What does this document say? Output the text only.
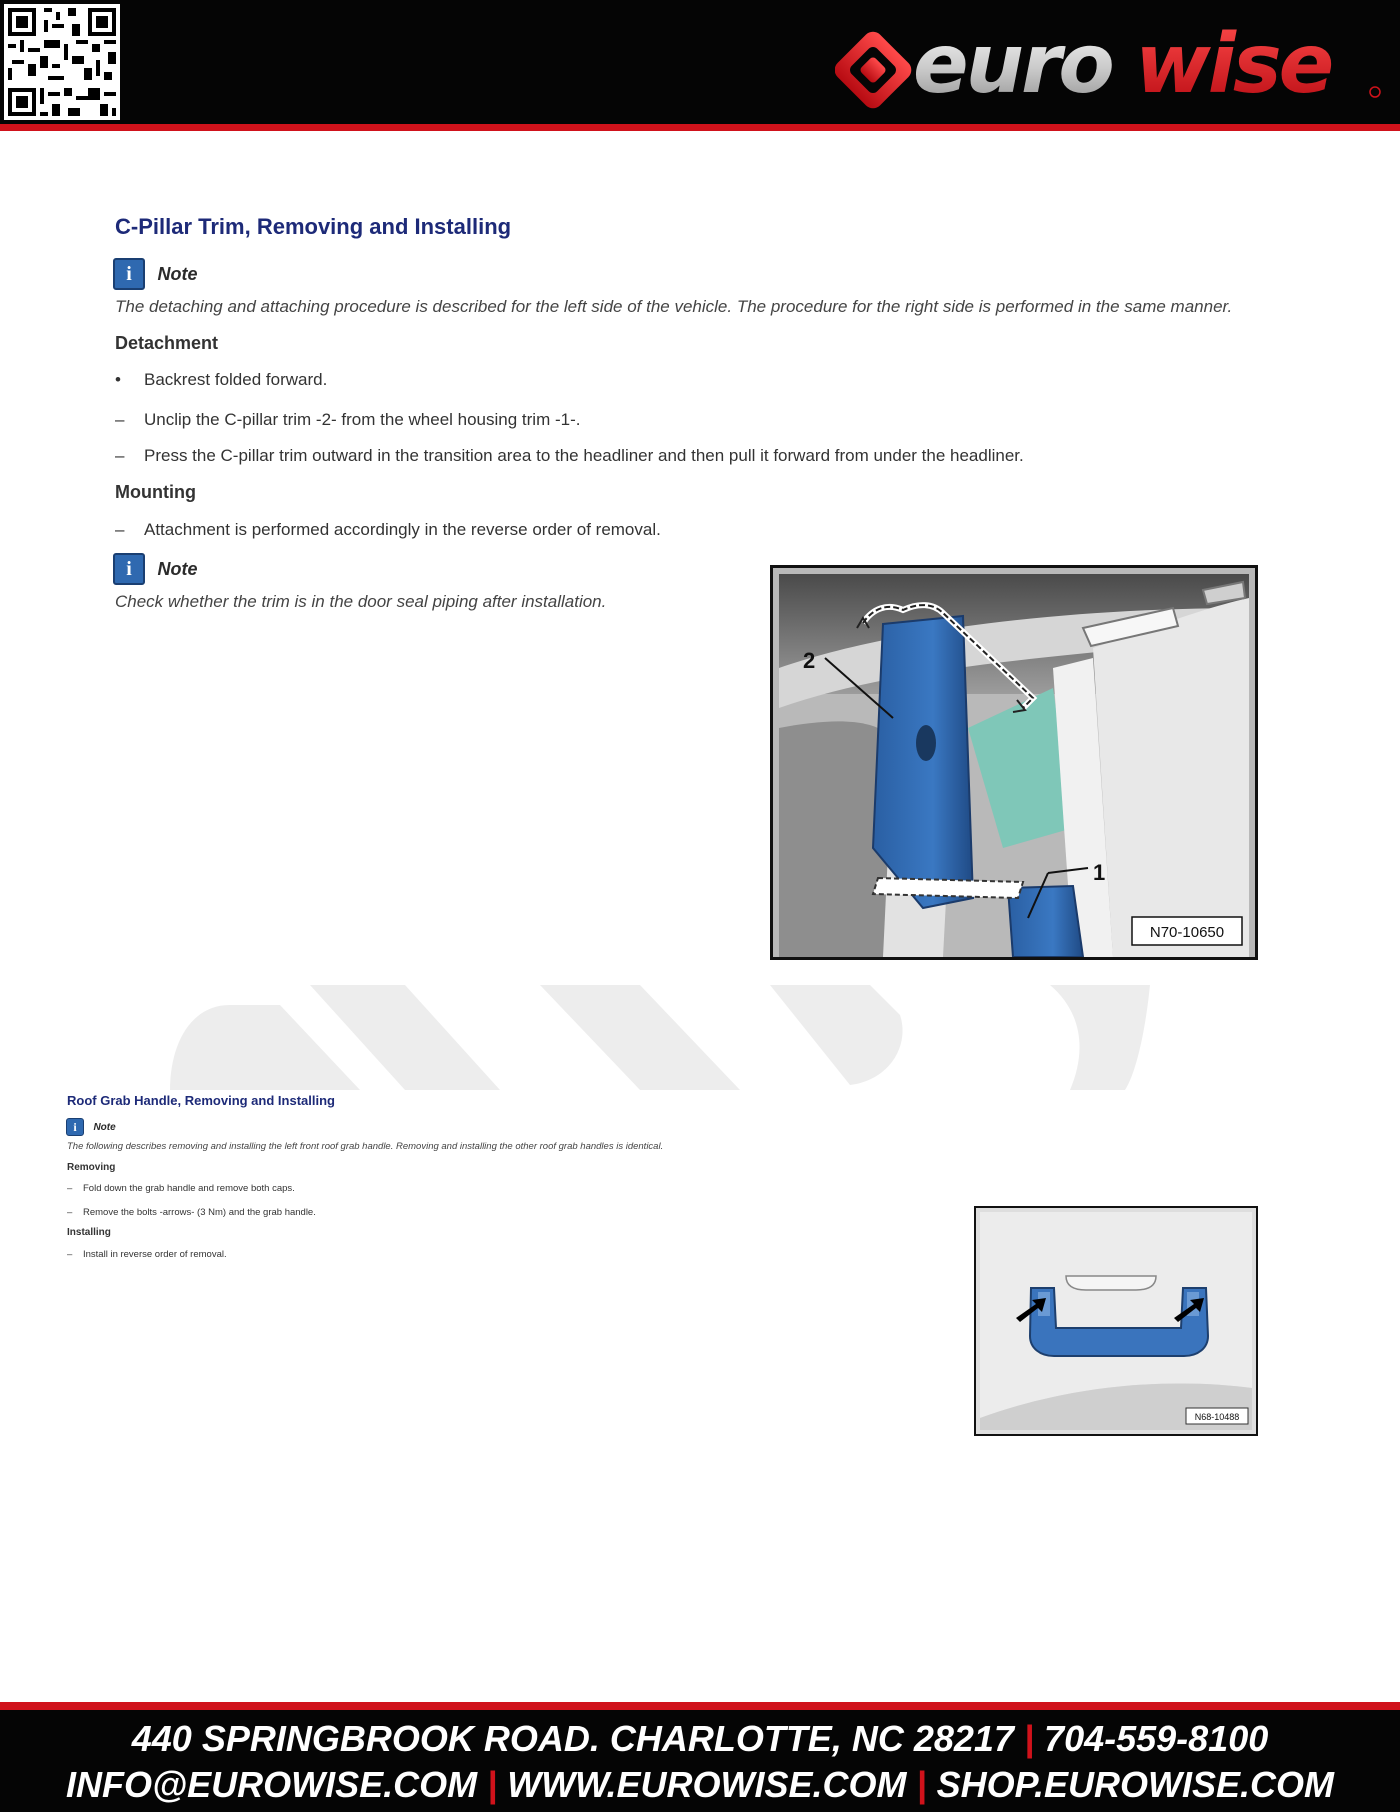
euro wise
C-Pillar Trim, Removing and Installing
i Note
The detaching and attaching procedure is described for the left side of the vehicle. The procedure for the right side is performed in the same manner.
Detachment
• Backrest folded forward.
– Unclip the C-pillar trim -2- from the wheel housing trim -1-.
– Press the C-pillar trim outward in the transition area to the headliner and then pull it forward from under the headliner.
Mounting
– Attachment is performed accordingly in the reverse order of removal.
i Note
Check whether the trim is in the door seal piping after installation.
2
1
N70-10650
Roof Grab Handle, Removing and Installing
i Note
The following describes removing and installing the left front roof grab handle. Removing and installing the other roof grab handles is identical.
Removing
– Fold down the grab handle and remove both caps.
– Remove the bolts -arrows- (3 Nm) and the grab handle.
Installing
– Install in reverse order of removal.
N68-10488
440 SPRINGBROOK ROAD. CHARLOTTE, NC 28217 | 704-559-8100
INFO@EUROWISE.COM | WWW.EUROWISE.COM | SHOP.EUROWISE.COM
